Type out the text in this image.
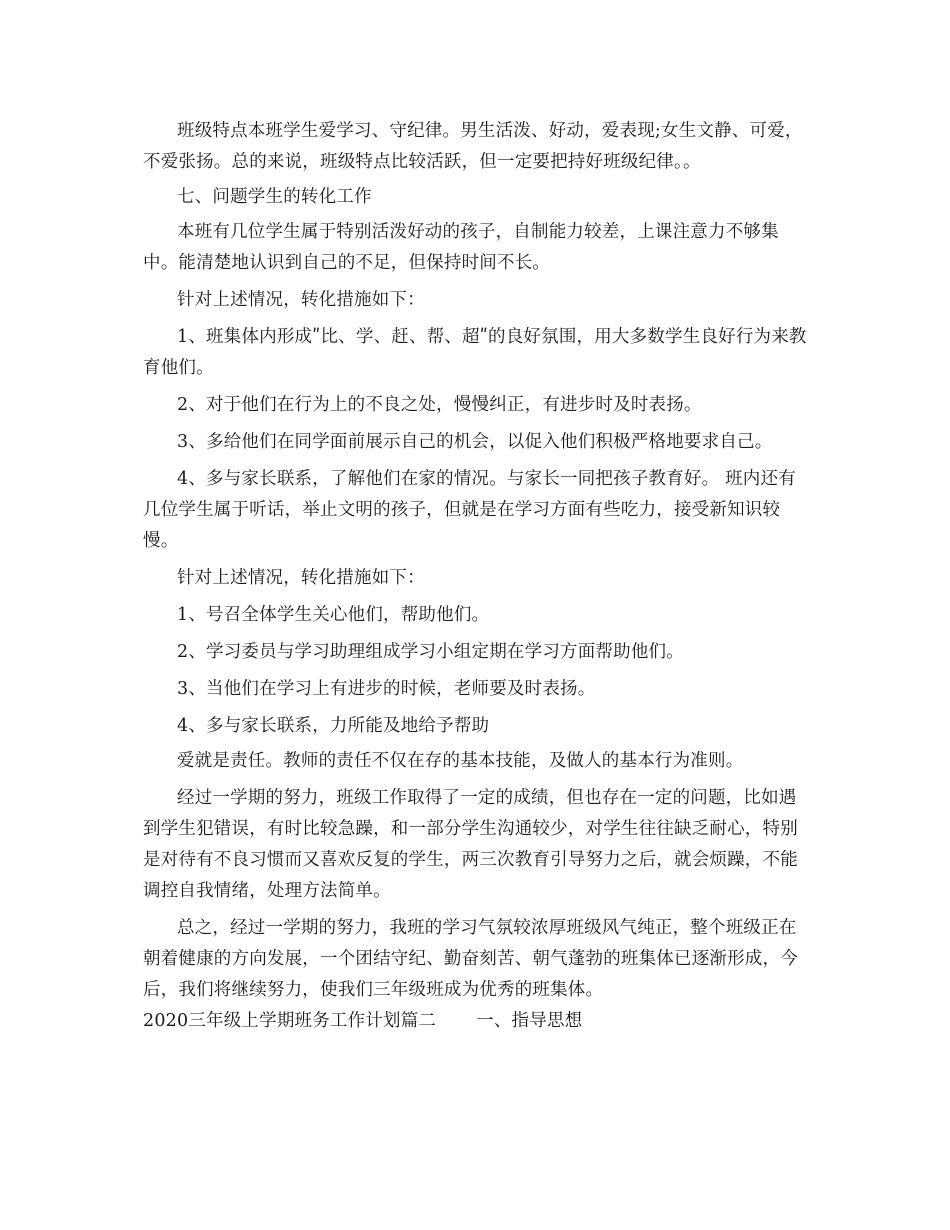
班级特点本班学生爱学习、守纪律。男生活泼、好动，爱表现;女生文静、可爱，不爱张扬。总的来说，班级特点比较活跃，但一定要把持好班级纪律。。

七、问题学生的转化工作

本班有几位学生属于特别活泼好动的孩子，自制能力较差，上课注意力不够集中。能清楚地认识到自己的不足，但保持时间不长。

针对上述情况，转化措施如下：

1、班集体内形成ʺ比、学、赶、帮、超ʺ的良好氛围，用大多数学生良好行为来教育他们。

2、对于他们在行为上的不良之处，慢慢纠正，有进步时及时表扬。

3、多给他们在同学面前展示自己的机会，以促入他们积极严格地要求自己。

4、多与家长联系，了解他们在家的情况。与家长一同把孩子教育好。 班内还有几位学生属于听话，举止文明的孩子，但就是在学习方面有些吃力，接受新知识较慢。

针对上述情况，转化措施如下：

1、号召全体学生关心他们，帮助他们。

2、学习委员与学习助理组成学习小组定期在学习方面帮助他们。

3、当他们在学习上有进步的时候，老师要及时表扬。

4、多与家长联系，力所能及地给予帮助

爱就是责任。教师的责任不仅在存的基本技能，及做人的基本行为准则。

经过一学期的努力，班级工作取得了一定的成绩，但也存在一定的问题，比如遇到学生犯错误，有时比较急躁，和一部分学生沟通较少，对学生往往缺乏耐心，特别是对待有不良习惯而又喜欢反复的学生，两三次教育引导努力之后，就会烦躁，不能调控自我情绪，处理方法简单。

总之，经过一学期的努力，我班的学习气氛较浓厚班级风气纯正，整个班级正在朝着健康的方向发展，一个团结守纪、勤奋刻苦、朝气蓬勃的班集体已逐渐形成，今后，我们将继续努力，使我们三年级班成为优秀的班集体。

2020三年级上学期班务工作计划篇二 一、指导思想
